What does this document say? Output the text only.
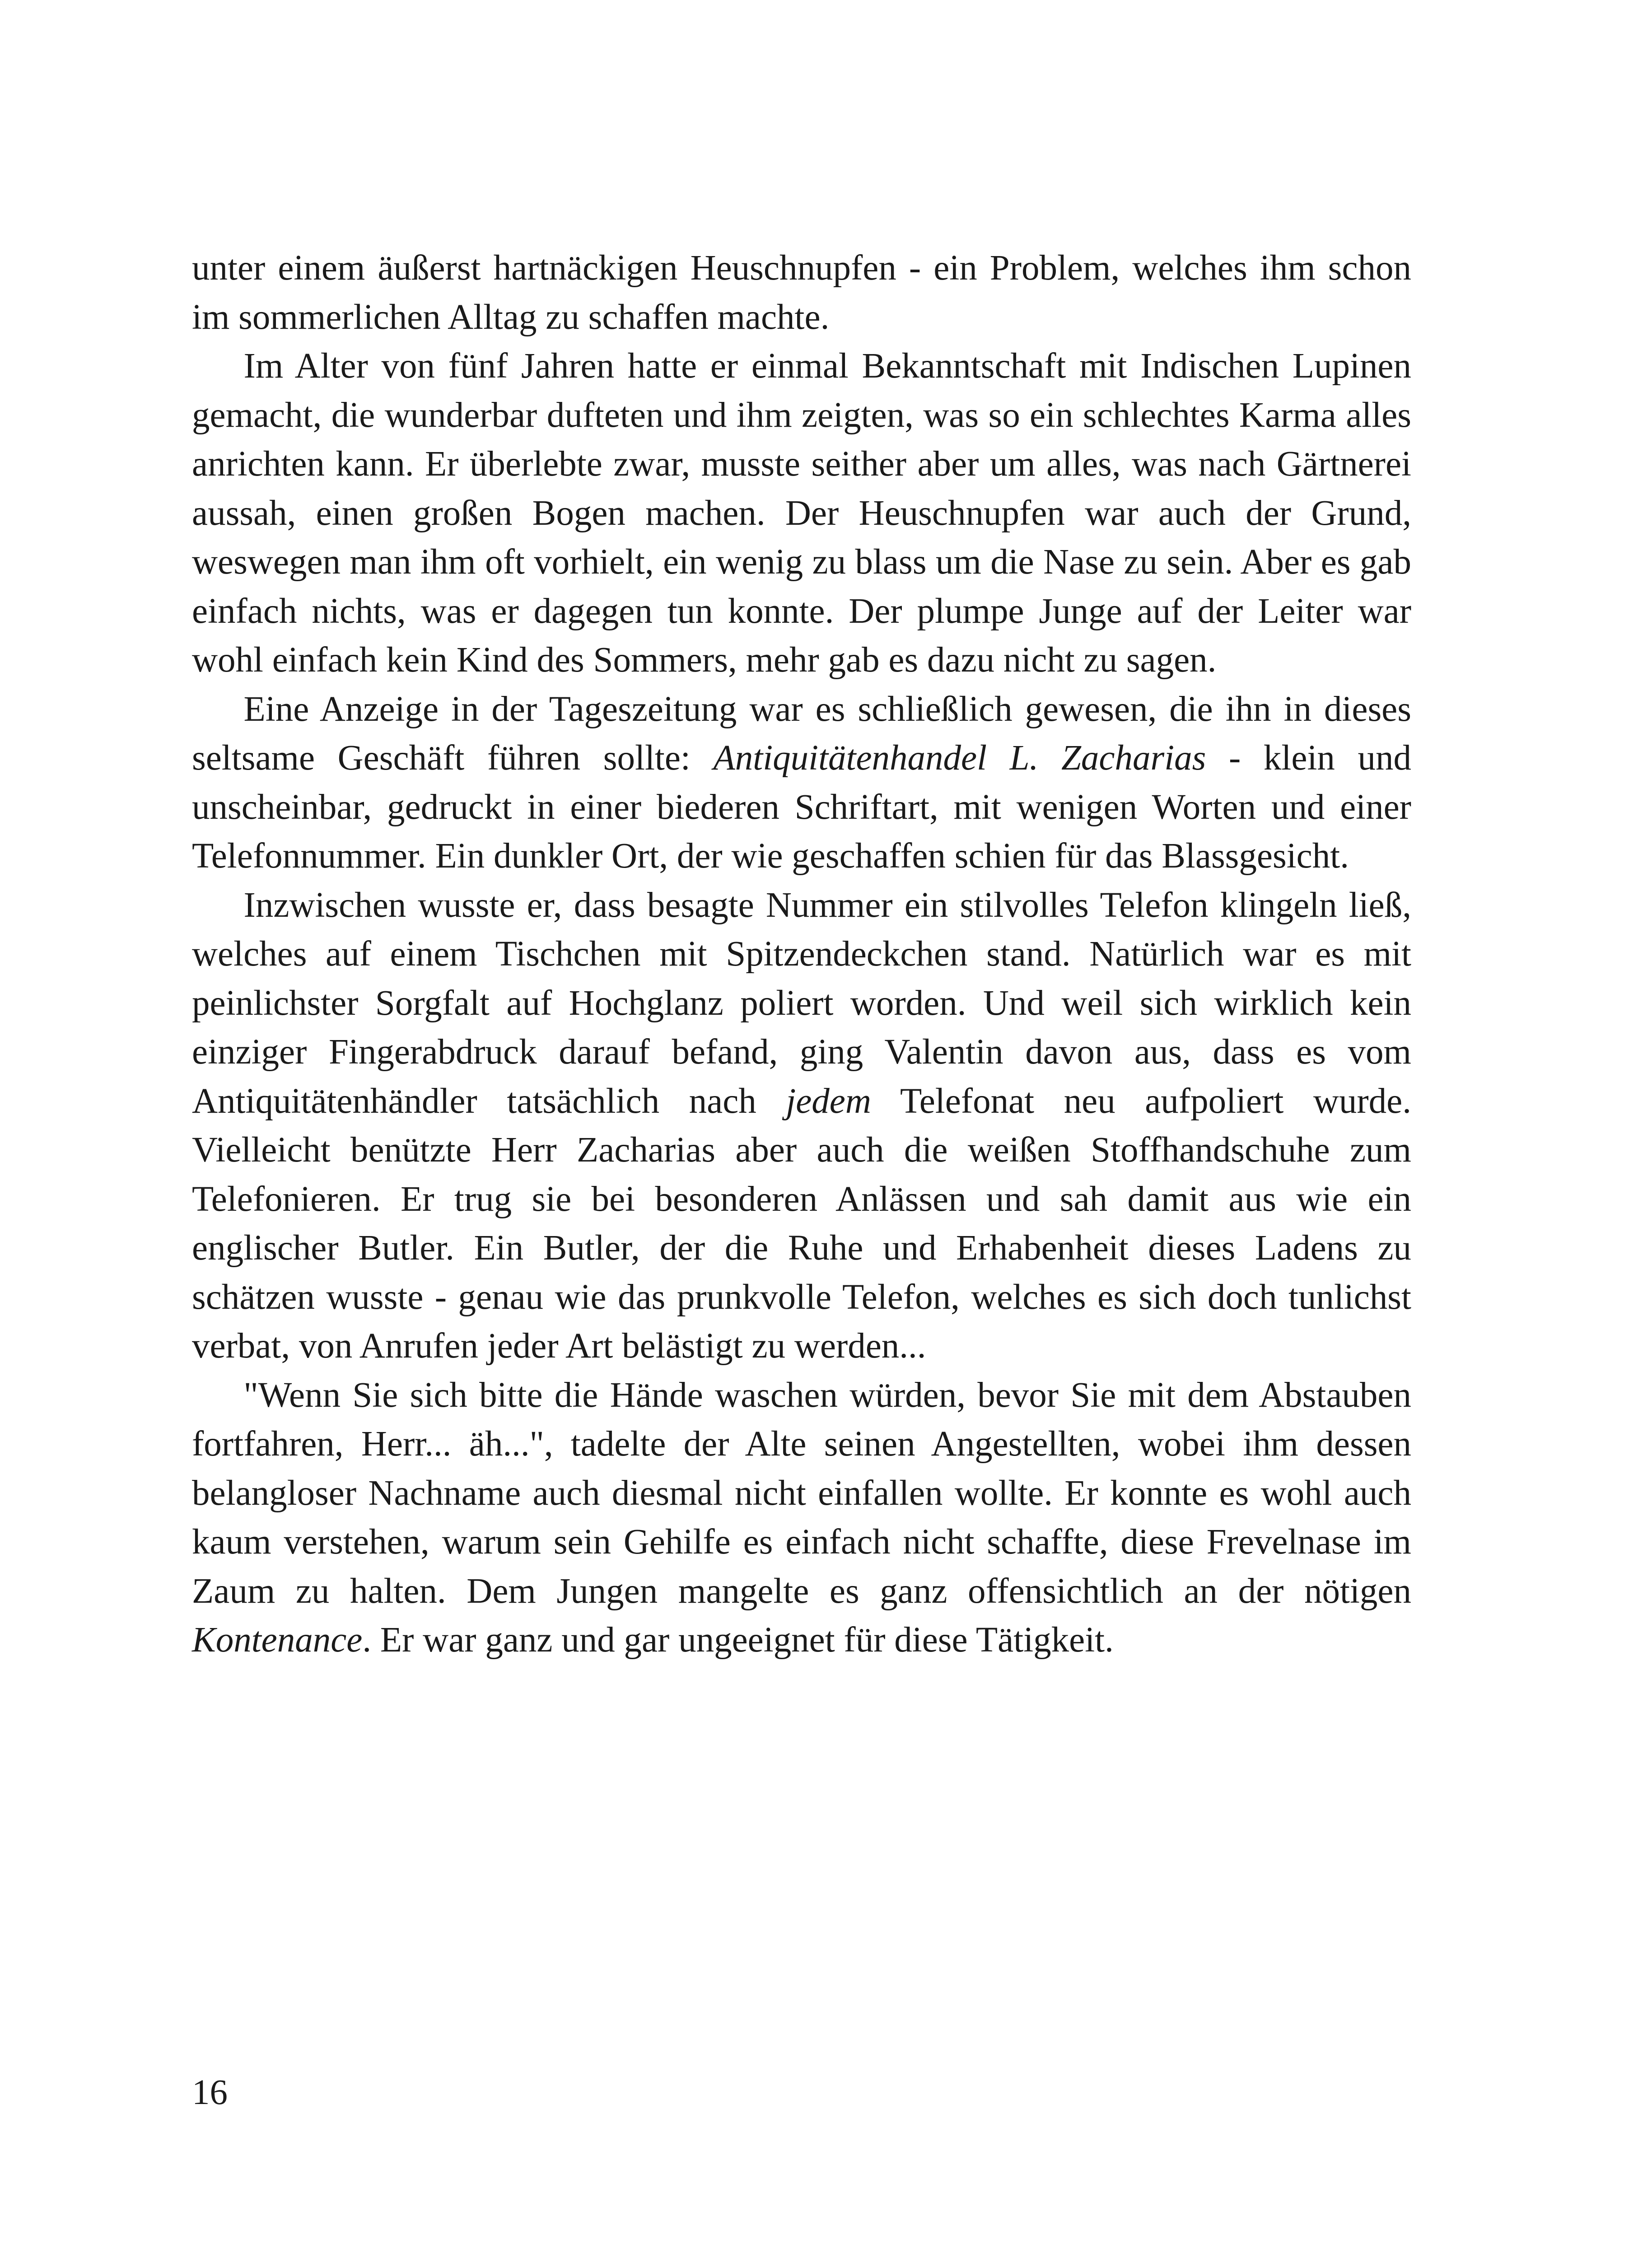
unter einem äußerst hartnäckigen Heuschnupfen - ein Problem, welches ihm schon im sommerlichen Alltag zu schaffen machte.

Im Alter von fünf Jahren hatte er einmal Bekanntschaft mit Indischen Lupinen gemacht, die wunderbar dufteten und ihm zeigten, was so ein schlechtes Karma alles anrichten kann. Er überlebte zwar, musste seither aber um alles, was nach Gärtnerei aussah, einen großen Bogen machen. Der Heuschnupfen war auch der Grund, weswegen man ihm oft vorhielt, ein wenig zu blass um die Nase zu sein. Aber es gab einfach nichts, was er dagegen tun konnte. Der plumpe Junge auf der Leiter war wohl einfach kein Kind des Sommers, mehr gab es dazu nicht zu sagen.

Eine Anzeige in der Tageszeitung war es schließlich gewesen, die ihn in dieses seltsame Geschäft führen sollte: Antiquitätenhandel L. Zacharias - klein und unscheinbar, gedruckt in einer biederen Schriftart, mit wenigen Worten und einer Telefonnummer. Ein dunkler Ort, der wie geschaffen schien für das Blassgesicht.

Inzwischen wusste er, dass besagte Nummer ein stilvolles Telefon klingeln ließ, welches auf einem Tischchen mit Spitzendeckchen stand. Natürlich war es mit peinlichster Sorgfalt auf Hochglanz poliert worden. Und weil sich wirklich kein einziger Fingerabdruck darauf befand, ging Valentin davon aus, dass es vom Antiquitätenhändler tatsächlich nach jedem Telefonat neu aufpoliert wurde. Vielleicht benützte Herr Zacharias aber auch die weißen Stoffhandschuhe zum Telefonieren. Er trug sie bei besonderen Anlässen und sah damit aus wie ein englischer Butler. Ein Butler, der die Ruhe und Erhabenheit dieses Ladens zu schätzen wusste - genau wie das prunkvolle Telefon, welches es sich doch tunlichst verbat, von Anrufen jeder Art belästigt zu werden...

"Wenn Sie sich bitte die Hände waschen würden, bevor Sie mit dem Abstauben fortfahren, Herr... äh...", tadelte der Alte seinen Angestellten, wobei ihm dessen belangloser Nachname auch diesmal nicht einfallen wollte. Er konnte es wohl auch kaum verstehen, warum sein Gehilfe es einfach nicht schaffte, diese Frevelnase im Zaum zu halten. Dem Jungen mangelte es ganz offensichtlich an der nötigen Kontenance. Er war ganz und gar ungeeignet für diese Tätigkeit.

16
